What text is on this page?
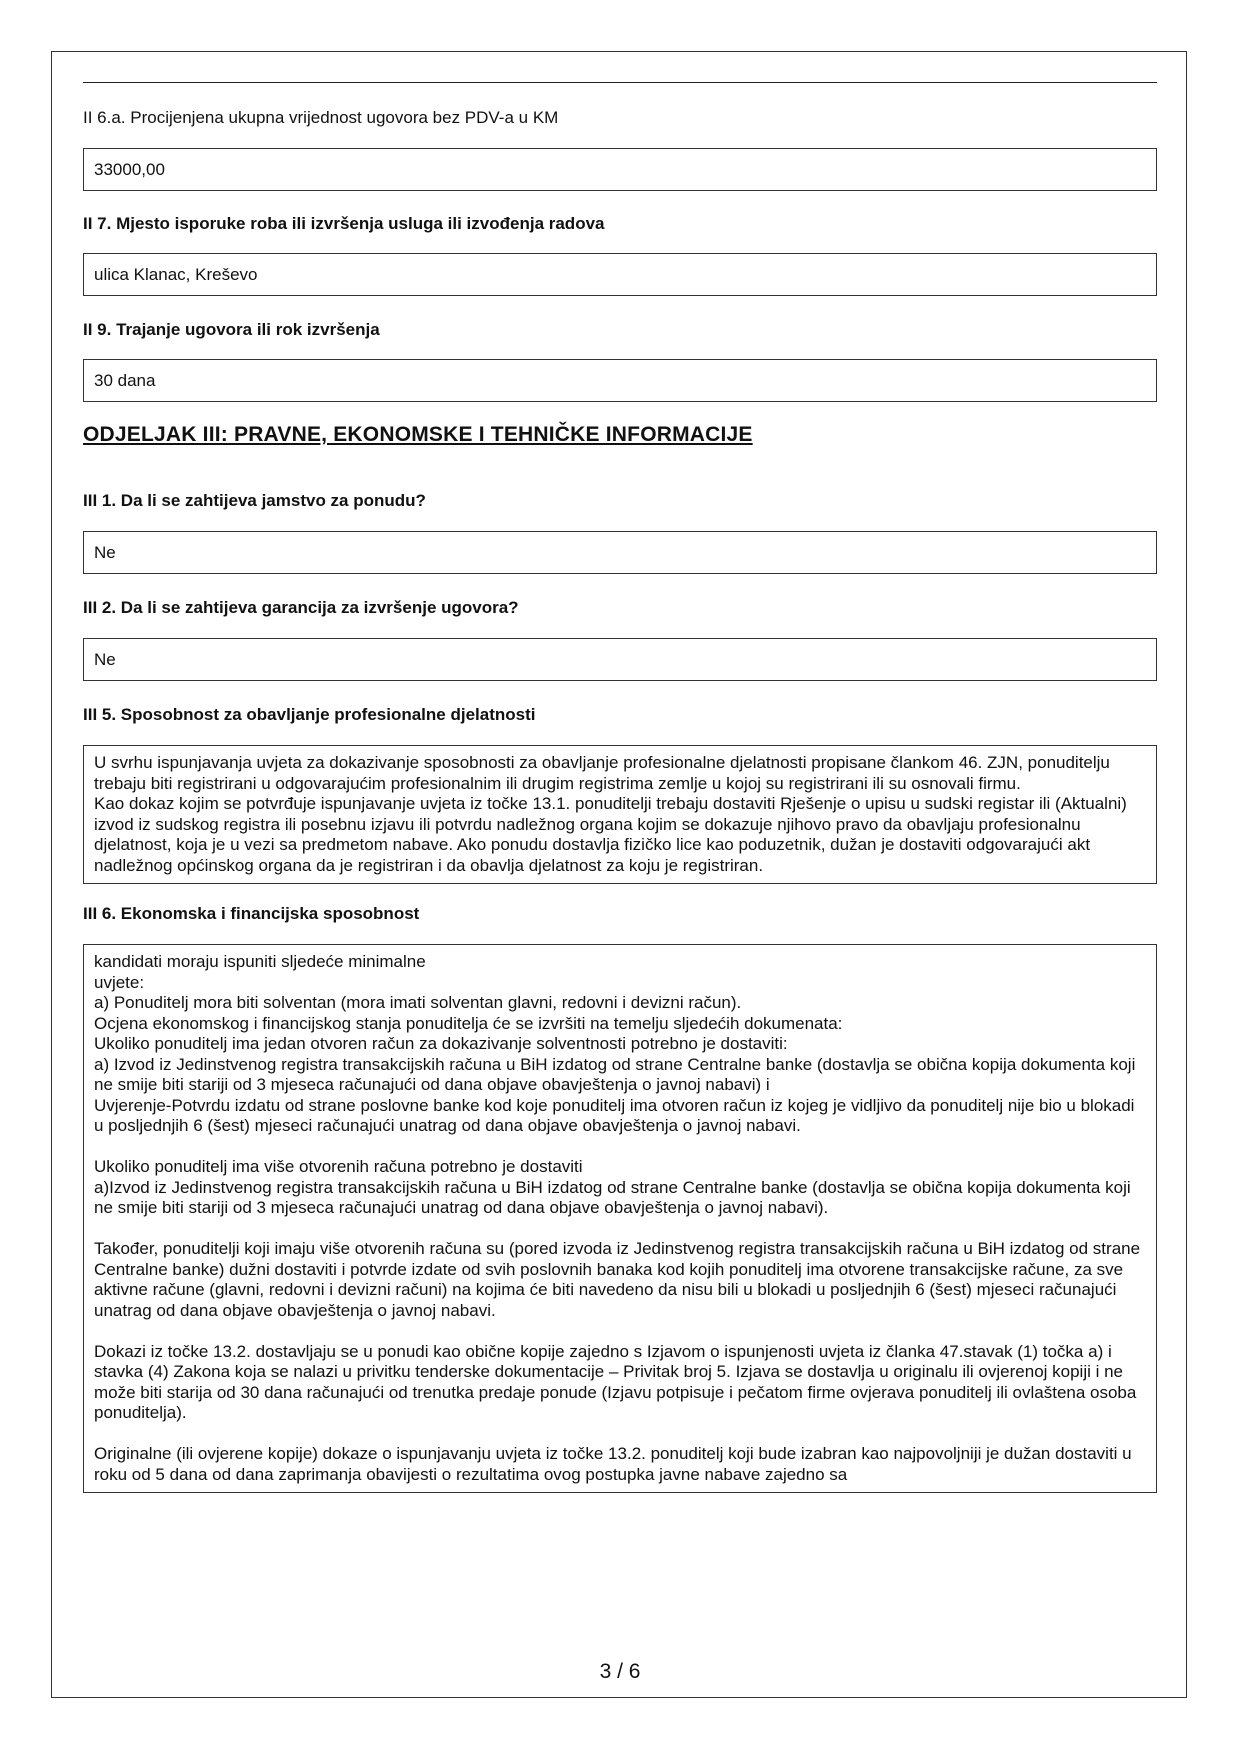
II 6.a. Procijenjena ukupna vrijednost ugovora bez PDV-a u KM

33000,00

II 7. Mjesto isporuke roba ili izvršenja usluga ili izvođenja radova

ulica Klanac, Kreševo

II 9. Trajanje ugovora ili rok izvršenja

30 dana
ODJELJAK III: PRAVNE, EKONOMSKE I TEHNIČKE INFORMACIJE

III 1. Da li se zahtijeva jamstvo za ponudu?

Ne

III 2. Da li se zahtijeva garancija za izvršenje ugovora?

Ne

III 5. Sposobnost za obavljanje profesionalne djelatnosti

U svrhu ispunjavanja uvjeta za dokazivanje sposobnosti za obavljanje profesionalne djelatnosti propisane člankom 46. ZJN, ponuditelju trebaju biti registrirani u odgovarajućim profesionalnim ili drugim registrima zemlje u kojoj su registrirani ili su osnovali firmu.
Kao dokaz kojim se potvrđuje ispunjavanje uvjeta iz točke 13.1. ponuditelji trebaju dostaviti Rješenje o upisu u sudski registar ili (Aktualni) izvod iz sudskog registra ili posebnu izjavu ili potvrdu nadležnog organa kojim se dokazuje njihovo pravo da obavljaju profesionalnu djelatnost, koja je u vezi sa predmetom nabave. Ako ponudu dostavlja fizičko lice kao poduzetnik, dužan je dostaviti odgovarajući akt nadležnog općinskog organa da je registriran i da obavlja djelatnost za koju je registriran.

III 6. Ekonomska i financijska sposobnost

kandidati moraju ispuniti sljedeće minimalne
uvjete:
a) Ponuditelj mora biti solventan (mora imati solventan glavni, redovni i devizni račun).
Ocjena ekonomskog i financijskog stanja ponuditelja će se izvršiti na temelju sljedećih dokumenata:
Ukoliko ponuditelj ima jedan otvoren račun za dokazivanje solventnosti potrebno je dostaviti:
a) Izvod iz Jedinstvenog registra transakcijskih računa u BiH izdatog od strane Centralne banke (dostavlja se obična kopija dokumenta koji ne smije biti stariji od 3 mjeseca računajući od dana objave obavještenja o javnoj nabavi) i
Uvjerenje-Potvrdu izdatu od strane poslovne banke kod koje ponuditelj ima otvoren račun iz kojeg je vidljivo da ponuditelj nije bio u blokadi u posljednjih 6 (šest) mjeseci računajući unatrag od dana objave obavještenja o javnoj nabavi.

Ukoliko ponuditelj ima više otvorenih računa potrebno je dostaviti
a)Izvod iz Jedinstvenog registra transakcijskih računa u BiH izdatog od strane Centralne banke (dostavlja se obična kopija dokumenta koji ne smije biti stariji od 3 mjeseca računajući unatrag od dana objave obavještenja o javnoj nabavi).

Također, ponuditelji koji imaju više otvorenih računa su (pored izvoda iz Jedinstvenog registra transakcijskih računa u BiH izdatog od strane Centralne banke) dužni dostaviti i potvrde izdate od svih poslovnih banaka kod kojih ponuditelj ima otvorene transakcijske račune, za sve aktivne račune (glavni, redovni i devizni računi) na kojima će biti navedeno da nisu bili u blokadi u posljednjih 6 (šest) mjeseci računajući unatrag od dana objave obavještenja o javnoj nabavi.

Dokazi iz točke 13.2. dostavljaju se u ponudi kao obične kopije zajedno s Izjavom o ispunjenosti uvjeta iz članka 47.stavak (1) točka a) i stavka (4) Zakona koja se nalazi u privitku tenderske dokumentacije – Privitak broj 5. Izjava se dostavlja u originalu ili ovjerenoj kopiji i ne može biti starija od 30 dana računajući od trenutka predaje ponude (Izjavu potpisuje i pečatom firme ovjerava ponuditelj ili ovlaštena osoba ponuditelja).

Originalne (ili ovjerene kopije) dokaze o ispunjavanju uvjeta iz točke 13.2. ponuditelj koji bude izabran kao najpovoljniji je dužan dostaviti u roku od 5 dana od dana zaprimanja obavijesti o rezultatima ovog postupka javne nabave zajedno sa
3 / 6
